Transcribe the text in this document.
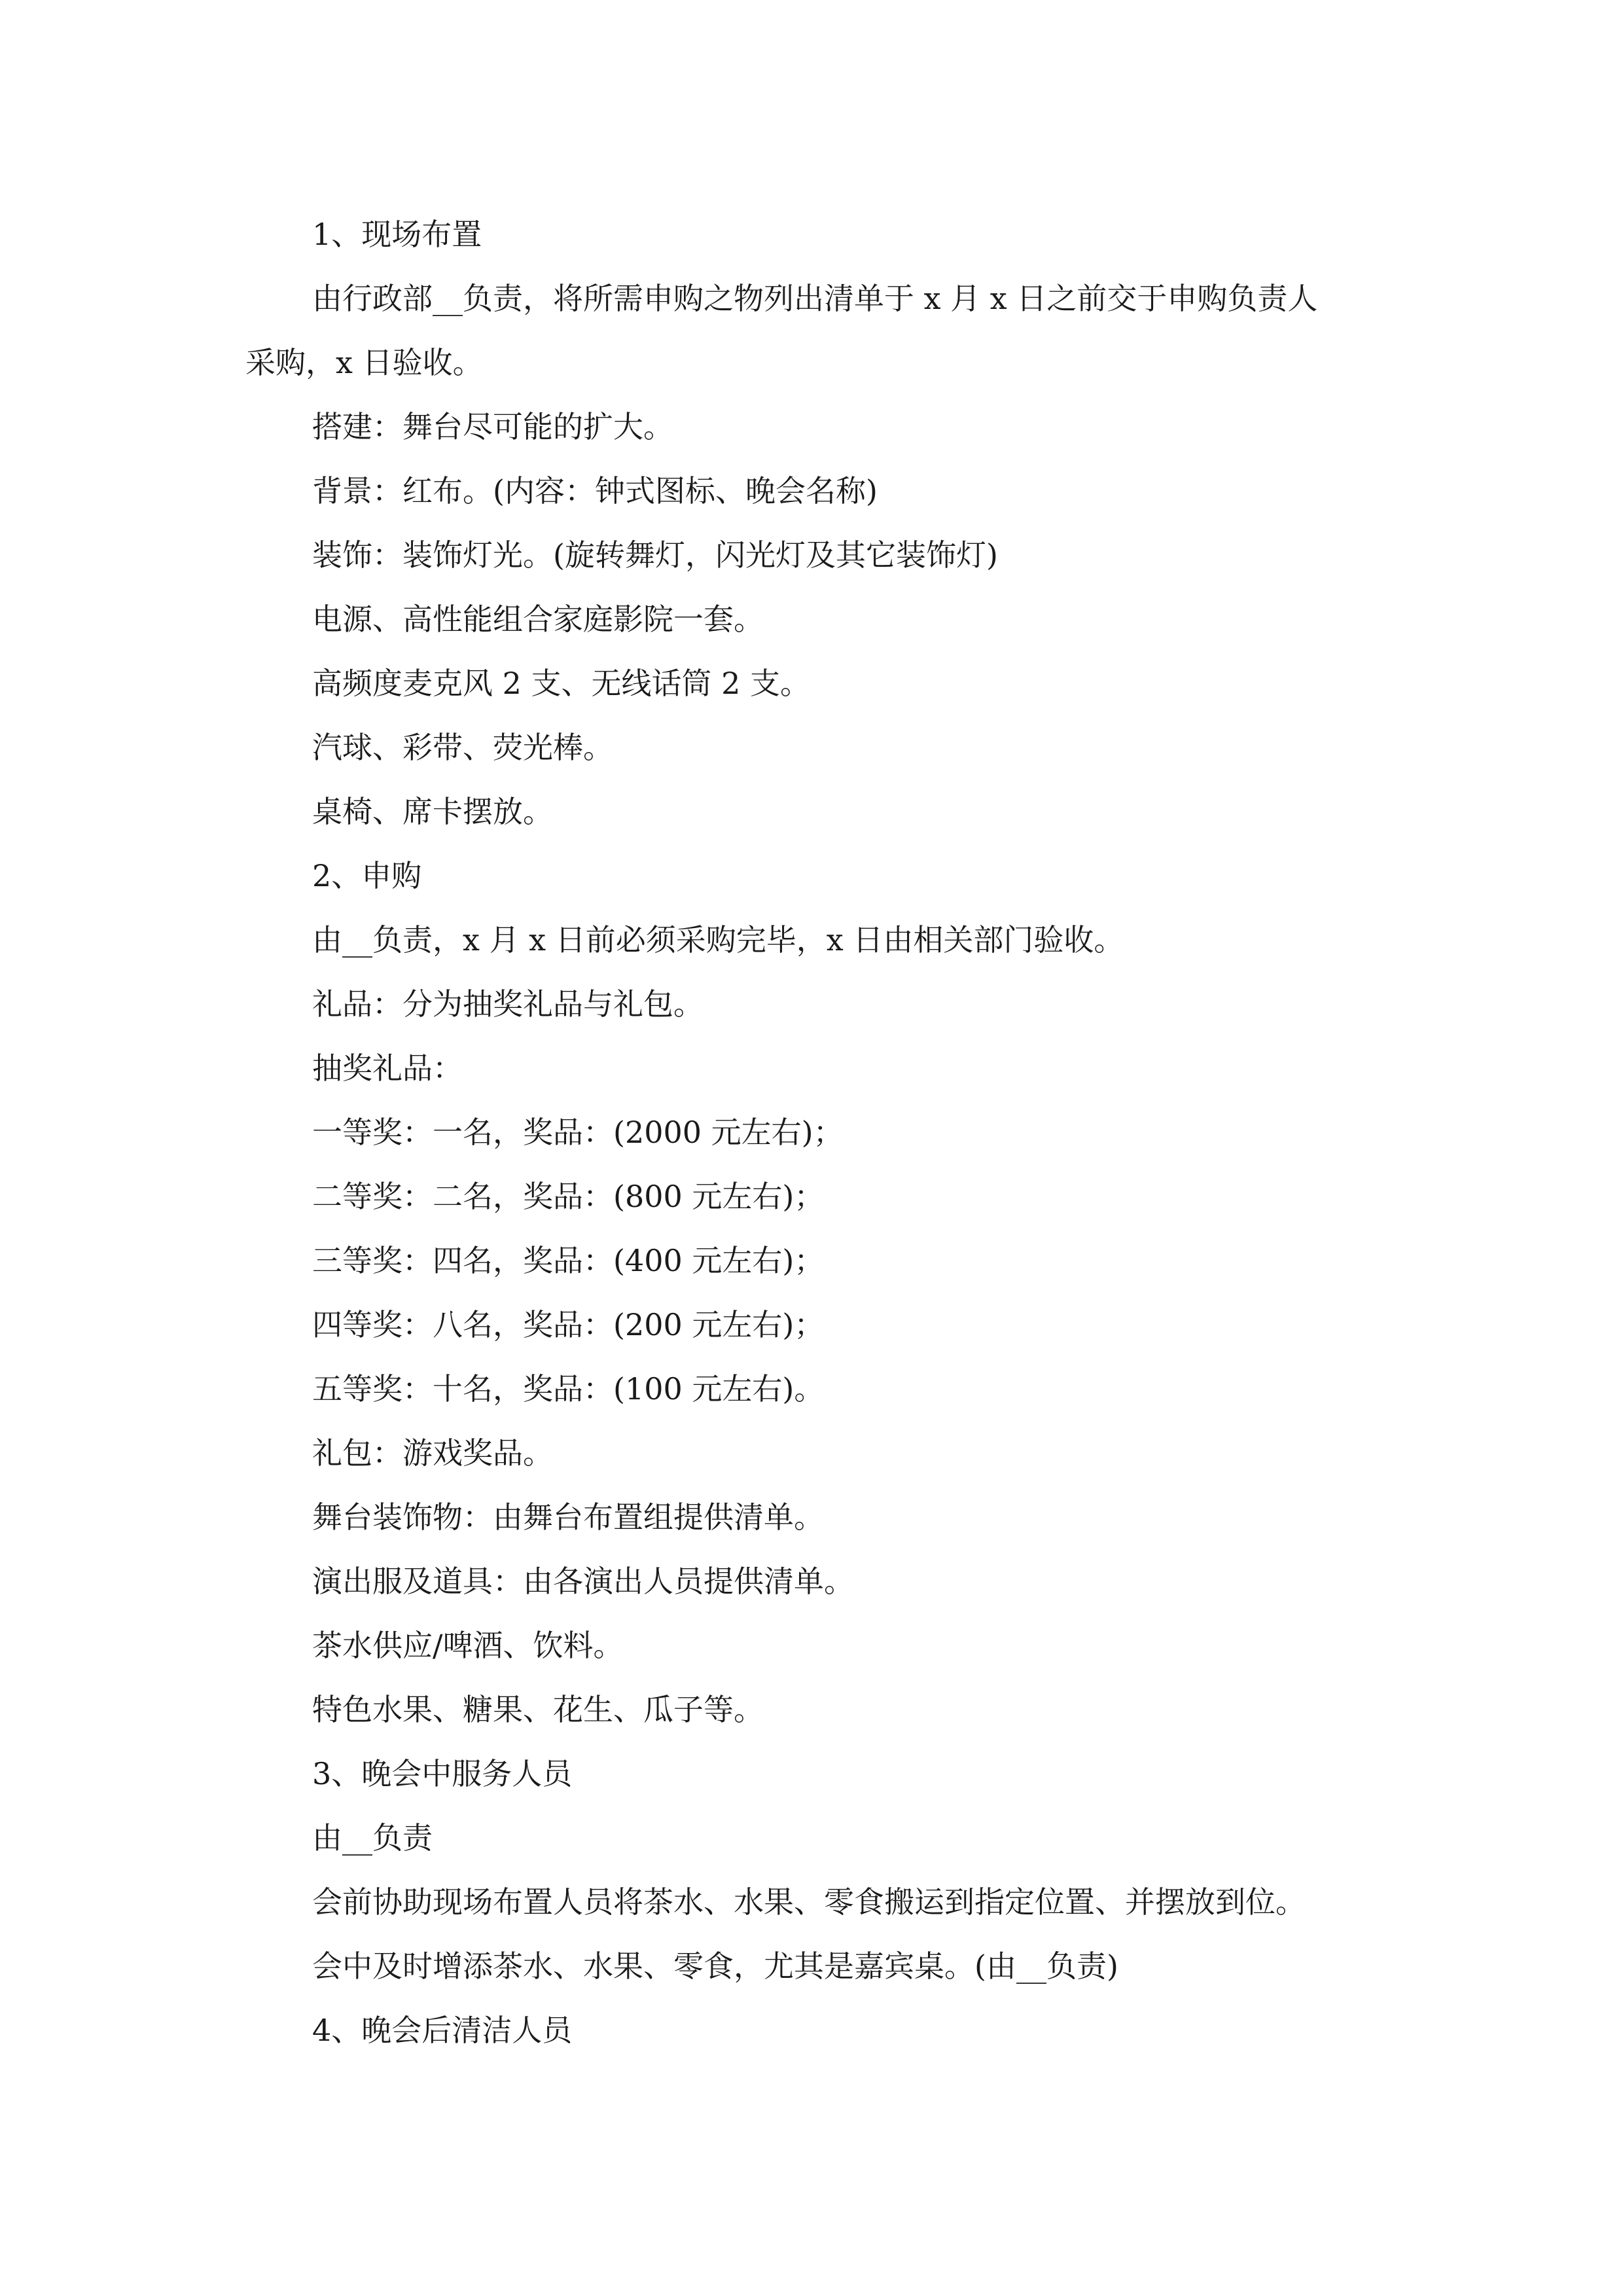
1、现场布置
由行政部__负责，将所需申购之物列出清单于 x 月 x 日之前交于申购负责人
采购，x 日验收。
搭建：舞台尽可能的扩大。
背景：红布。(内容：钟式图标、晚会名称)
装饰：装饰灯光。(旋转舞灯，闪光灯及其它装饰灯)
电源、高性能组合家庭影院一套。
高频度麦克风 2 支、无线话筒 2 支。
汽球、彩带、荧光棒。
桌椅、席卡摆放。
2、申购
由__负责，x 月 x 日前必须采购完毕，x 日由相关部门验收。
礼品：分为抽奖礼品与礼包。
抽奖礼品：
一等奖：一名，奖品：(2000 元左右)；
二等奖：二名，奖品：(800 元左右)；
三等奖：四名，奖品：(400 元左右)；
四等奖：八名，奖品：(200 元左右)；
五等奖：十名，奖品：(100 元左右)。
礼包：游戏奖品。
舞台装饰物：由舞台布置组提供清单。
演出服及道具：由各演出人员提供清单。
茶水供应/啤酒、饮料。
特色水果、糖果、花生、瓜子等。
3、晚会中服务人员
由__负责
会前协助现场布置人员将茶水、水果、零食搬运到指定位置、并摆放到位。
会中及时增添茶水、水果、零食，尤其是嘉宾桌。(由__负责)
4、晚会后清洁人员
